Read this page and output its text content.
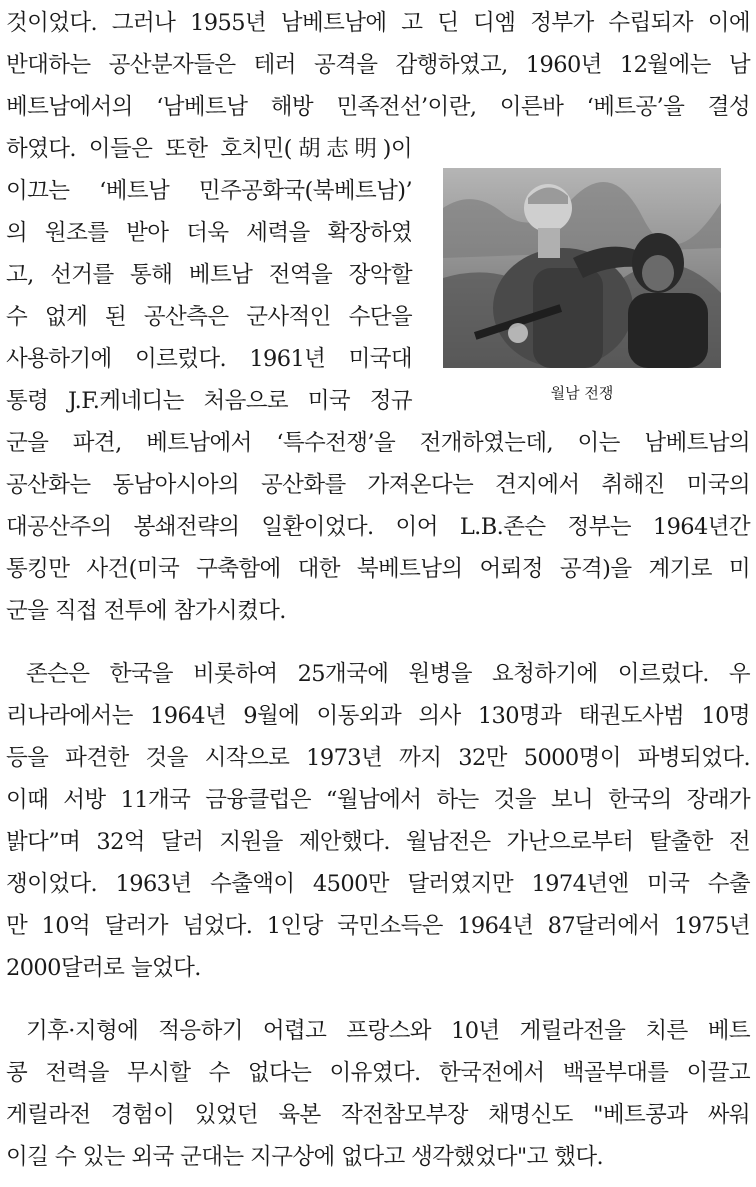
것이었다. 그러나 1955년 남베트남에 고 딘 디엠 정부가 수립되자 이에
반대하는 공산분자들은 테러 공격을 감행하였고, 1960년 12월에는 남
베트남에서의 ‘남베트남 해방 민족전선’이란, 이른바 ‘베트공’을 결성
하였다. 이들은 또한 호치민(胡志明)이
이끄는 ‘베트남 민주공화국(북베트남)’
의 원조를 받아 더욱 세력을 확장하였
고, 선거를 통해 베트남 전역을 장악할
수 없게 된 공산측은 군사적인 수단을
사용하기에 이르렀다. 1961년 미국대
통령 J.F.케네디는 처음으로 미국 정규
군을 파견, 베트남에서 ‘특수전쟁’을 전개하였는데, 이는 남베트남의
공산화는 동남아시아의 공산화를 가져온다는 견지에서 취해진 미국의
대공산주의 봉쇄전략의 일환이었다. 이어 L.B.존슨 정부는 1964년간
통킹만 사건(미국 구축함에 대한 북베트남의 어뢰정 공격)을 계기로 미
군을 직접 전투에 참가시켰다.
존슨은 한국을 비롯하여 25개국에 원병을 요청하기에 이르렀다. 우
리나라에서는 1964년 9월에 이동외과 의사 130명과 태권도사범 10명
등을 파견한 것을 시작으로 1973년 까지 32만 5000명이 파병되었다.
이때 서방 11개국 금융클럽은 “월남에서 하는 것을 보니 한국의 장래가
밝다”며 32억 달러 지원을 제안했다. 월남전은 가난으로부터 탈출한 전
쟁이었다. 1963년 수출액이 4500만 달러였지만 1974년엔 미국 수출
만 10억 달러가 넘었다. 1인당 국민소득은 1964년 87달러에서 1975년
2000달러로 늘었다.
기후·지형에 적응하기 어렵고 프랑스와 10년 게릴라전을 치른 베트
콩 전력을 무시할 수 없다는 이유였다. 한국전에서 백골부대를 이끌고
게릴라전 경험이 있었던 육본 작전참모부장 채명신도 "베트콩과 싸워
이길 수 있는 외국 군대는 지구상에 없다고 생각했었다"고 했다.
월남 전쟁
